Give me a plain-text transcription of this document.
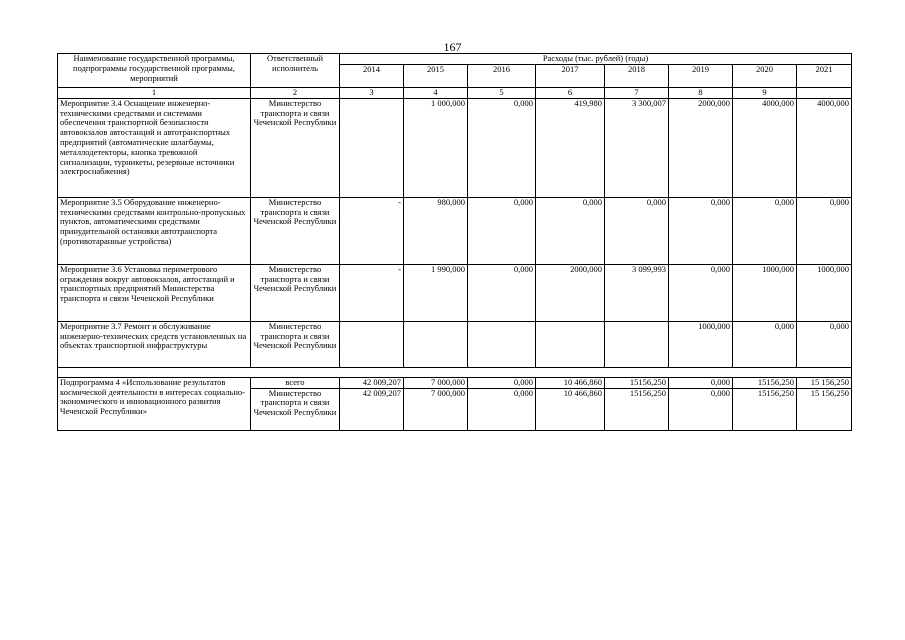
167
Наименование государственной программы, подпрограммы государственной программы, мероприятий	Ответственный исполнитель	Расходы (тыс. рублей) (годы)							
		2014	2015	2016	2017	2018	2019	2020	2021
1	2	3	4	5	6	7	8	9	
Мероприятие 3.4 Оснащение инженерно-техническими средствами и системами обеспечения транспортной безопасности автовокзалов автостанций и автотранспортных предприятий (автоматические шлагбаумы, металлодетекторы, кнопка тревожной сигнализации, турникеты, резервные источники электроснабжения)	Министерство транспорта и связи Чеченской Республики		1 000,000	0,000	419,980	3 300,007	2000,000	4000,000	4000,000
Мероприятие 3.5 Оборудование инженерно-техническими средствами контрольно-пропускных пунктов, автоматическими средствами принудительной остановки автотранспорта (противотаранные устройства)	Министерство транспорта и связи Чеченской Республики	-	980,000	0,000	0,000	0,000	0,000	0,000	0,000
Мероприятие 3.6 Установка периметрового ограждения вокруг автовокзалов, автостанций и транспортных предприятий Министерства транспорта и связи Чеченской Республики	Министерство транспорта и связи Чеченской Республики	-	1 990,000	0,000	2000,000	3 099,993	0,000	1000,000	1000,000
Мероприятие 3.7 Ремонт и обслуживание инженерно-технических средств установленных на объектах транспортной инфраструктуры	Министерство транспорта и связи Чеченской Республики						1000,000	0,000	0,000

Подпрограмма 4 «Использование результатов космической деятельности в интересах социально-экономического и инновационного развития Чеченской Республики»	всего	42 009,207	7 000,000	0,000	10 466,860	15156,250	0,000	15156,250	15 156,250
	Министерство транспорта и связи Чеченской Республики	42 009,207	7 000,000	0,000	10 466,860	15156,250	0,000	15156,250	15 156,250
